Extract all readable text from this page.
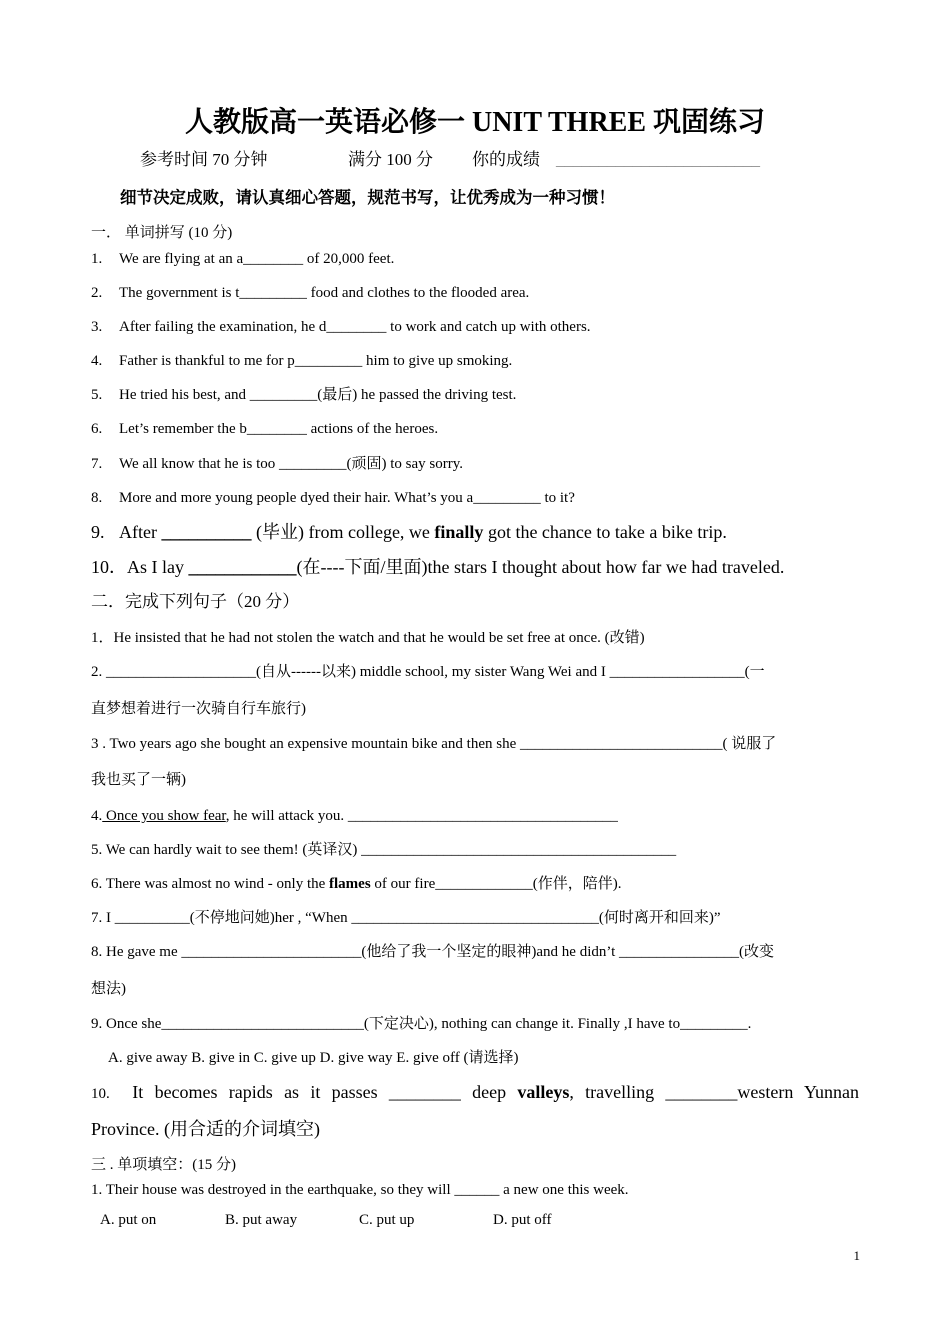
人教版高一英语必修一 UNIT THREE 巩固练习
参考时间 70 分钟	满分 100 分 你的成绩 ________________________
细节决定成败，请认真细心答题，规范书写，让优秀成为一种习惯！
一． 单词拼写 (10 分)
1. We are flying at an a________ of 20,000 feet.
2. The government is t_________ food and clothes to the flooded area.
3. After failing the examination, he d________ to work and catch up with others.
4. Father is thankful to me for p_________ him to give up smoking.
5. He tried his best, and _________(最后) he passed the driving test.
6. Let’s remember the b________ actions of the heroes.
7. We all know that he is too _________(顽固) to say sorry.
8. More and more young people dyed their hair. What’s you a_________ to it?
9. After __________ (毕业) from college, we finally got the chance to take a bike trip.
10．As I lay ____________(在----下面/里面)the stars I thought about how far we had traveled.
二．完成下列句子（20 分）
1．He insisted that he had not stolen the watch and that he would be set free at once. (改错)
2. ____________________(自从------以来) middle school, my sister Wang Wei and I __________________(一
直梦想着进行一次骑自行车旅行)
3 . Two years ago she bought an expensive mountain bike and then she ___________________________( 说服了
我也买了一辆)
4. Once you show fear, he will attack you. ____________________________________
5. We can hardly wait to see them! (英译汉) __________________________________________
6. There was almost no wind - only the flames of our fire_____________(作伴，陪伴).
7. I __________(不停地问她)her , “When _________________________________(何时离开和回来)”
8. He gave me ________________________(他给了我一个坚定的眼神)and he didn’t ________________(改变
想法)
9. Once she___________________________(下定决心), nothing can change it. Finally ,I have to_________.
A. give away B. give in C. give up D. give way E. give off (请选择)
10. It becomes rapids as it passes ________ deep valleys, travelling ________western Yunnan
Province. (用合适的介词填空)
三 . 单项填空：(15 分)
1. Their house was destroyed in the earthquake, so they will ______ a new one this week.
A. put on	B. put away	C. put up	D. put off
1
